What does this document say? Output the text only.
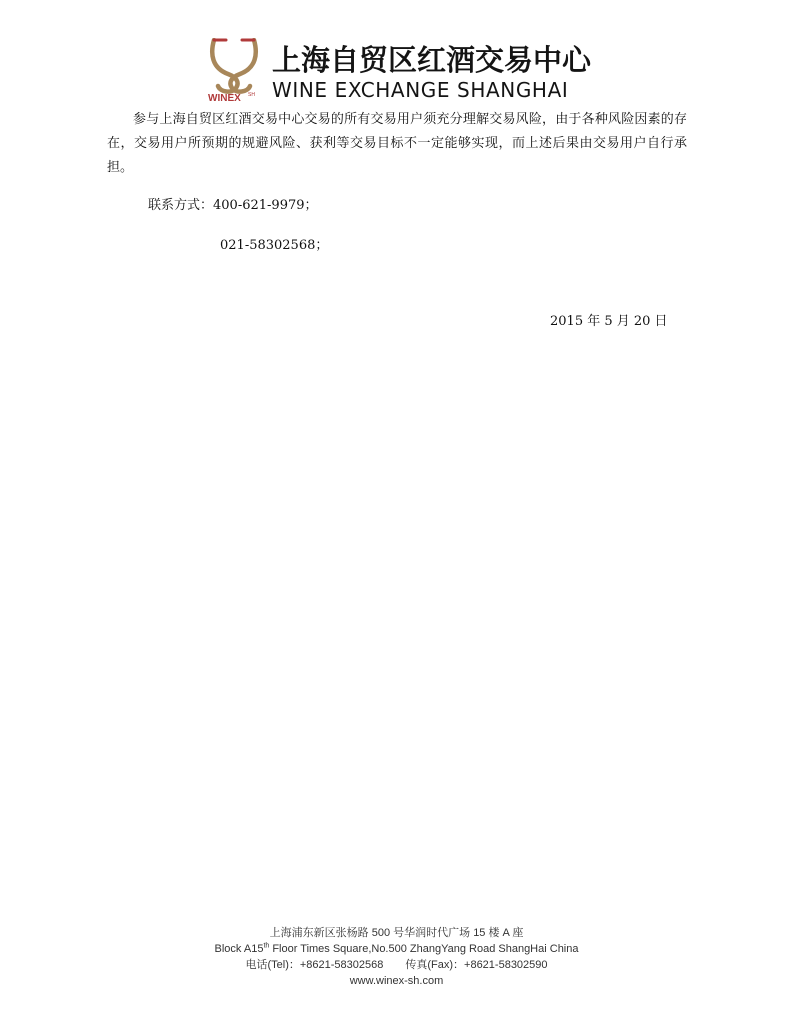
WINEX SH
上海自贸区红酒交易中心
WINE EXCHANGE SHANGHAI

参与上海自贸区红酒交易中心交易的所有交易用户须充分理解交易风险，由于各种风险因素的存在，交易用户所预期的规避风险、获利等交易目标不一定能够实现，而上述后果由交易用户自行承担。

联系方式：400-621-9979；
021-58302568；
2015 年 5 月 20 日
上海浦东新区张杨路 500 号华润时代广场 15 楼 A 座
Block A15th Floor Times Square,No.500 ZhangYang Road ShangHai China
电话(Tel)：+8621-58302568 传真(Fax)：+8621-58302590
www.winex-sh.com
